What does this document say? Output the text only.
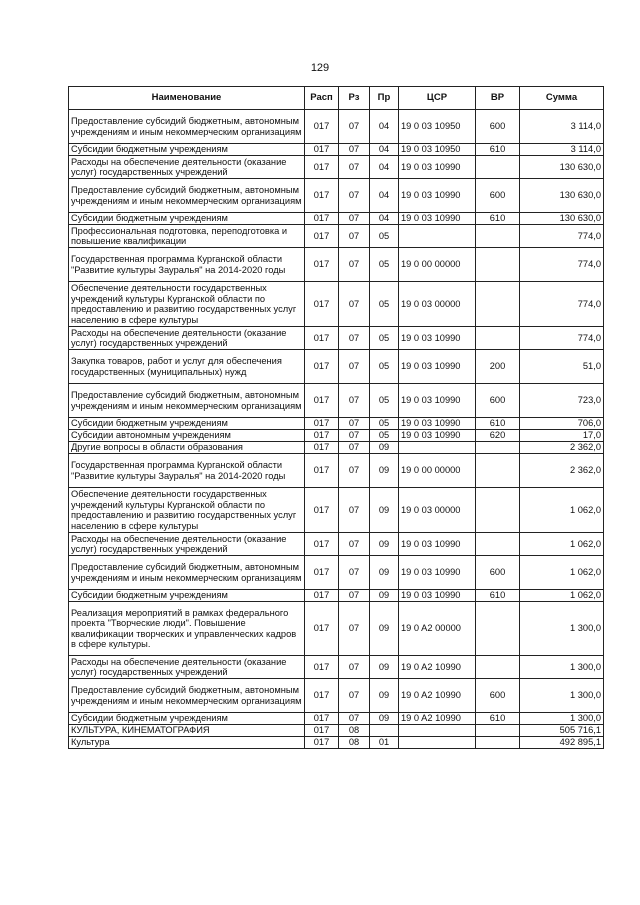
129
Наименование	Расп	Рз	Пр	ЦСР	ВР	Сумма
Предоставление субсидий бюджетным, автономным учреждениям и иным некоммерческим организациям	017	07	04	19 0 03 10950	600	3 114,0
Субсидии бюджетным учреждениям	017	07	04	19 0 03 10950	610	3 114,0
Расходы на обеспечение деятельности (оказание услуг) государственных учреждений	017	07	04	19 0 03 10990		130 630,0
Предоставление субсидий бюджетным, автономным учреждениям и иным некоммерческим организациям	017	07	04	19 0 03 10990	600	130 630,0
Субсидии бюджетным учреждениям	017	07	04	19 0 03 10990	610	130 630,0
Профессиональная подготовка, переподготовка и повышение квалификации	017	07	05			774,0
Государственная программа Курганской области "Развитие культуры Зауралья" на 2014-2020 годы	017	07	05	19 0 00 00000		774,0
Обеспечение деятельности государственных учреждений культуры Курганской области по предоставлению и развитию государственных услуг населению в сфере культуры	017	07	05	19 0 03 00000		774,0
Расходы на обеспечение деятельности (оказание услуг) государственных учреждений	017	07	05	19 0 03 10990		774,0
Закупка товаров, работ и услуг для обеспечения государственных (муниципальных) нужд	017	07	05	19 0 03 10990	200	51,0
Предоставление субсидий бюджетным, автономным учреждениям и иным некоммерческим организациям	017	07	05	19 0 03 10990	600	723,0
Субсидии бюджетным учреждениям	017	07	05	19 0 03 10990	610	706,0
Субсидии автономным учреждениям	017	07	05	19 0 03 10990	620	17,0
Другие вопросы в области образования	017	07	09			2 362,0
Государственная программа Курганской области "Развитие культуры Зауралья" на 2014-2020 годы	017	07	09	19 0 00 00000		2 362,0
Обеспечение деятельности государственных учреждений культуры Курганской области по предоставлению и развитию государственных услуг населению в сфере культуры	017	07	09	19 0 03 00000		1 062,0
Расходы на обеспечение деятельности (оказание услуг) государственных учреждений	017	07	09	19 0 03 10990		1 062,0
Предоставление субсидий бюджетным, автономным учреждениям и иным некоммерческим организациям	017	07	09	19 0 03 10990	600	1 062,0
Субсидии бюджетным учреждениям	017	07	09	19 0 03 10990	610	1 062,0
Реализация мероприятий в рамках федерального проекта "Творческие люди". Повышение квалификации творческих и управленческих кадров в сфере культуры.	017	07	09	19 0 A2 00000		1 300,0
Расходы на обеспечение деятельности (оказание услуг) государственных учреждений	017	07	09	19 0 A2 10990		1 300,0
Предоставление субсидий бюджетным, автономным учреждениям и иным некоммерческим организациям	017	07	09	19 0 A2 10990	600	1 300,0
Субсидии бюджетным учреждениям	017	07	09	19 0 A2 10990	610	1 300,0
КУЛЬТУРА, КИНЕМАТОГРАФИЯ	017	08				505 716,1
Культура	017	08	01			492 895,1
